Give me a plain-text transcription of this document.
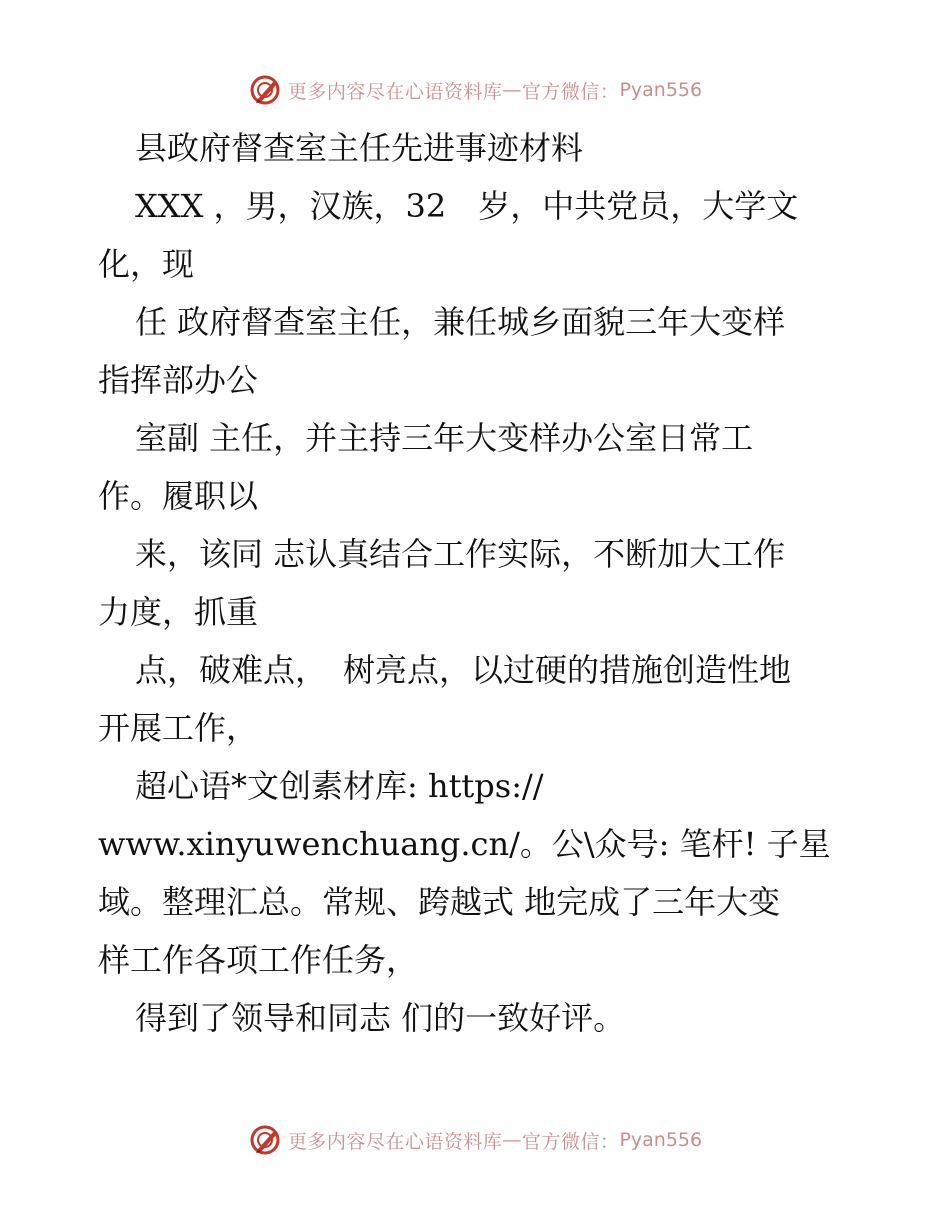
更多内容尽在心语资料库 — 官方微信： Pyan556
县政府督查室主任先进事迹材料
XXX ，男，汉族，32　岁，中共党员，大学文
化，现
任 政府督查室主任，兼任城乡面貌三年大变样
指挥部办公
室副 主任，并主持三年大变样办公室日常工
作。履职以
来，该同 志认真结合工作实际，不断加大工作
力度，抓重
点，破难点，　树亮点，以过硬的措施创造性地
开展工作，
超心语*文创素材库: https://
www.xinyuwenchuang.cn/。公\众号: 笔杆! 子星
域。整理汇总。常规、跨越式 地完成了三年大变
样工作各项工作任务，
得到了领导和同志 们的一致好评。
更多内容尽在心语资料库 — 官方微信： Pyan556
